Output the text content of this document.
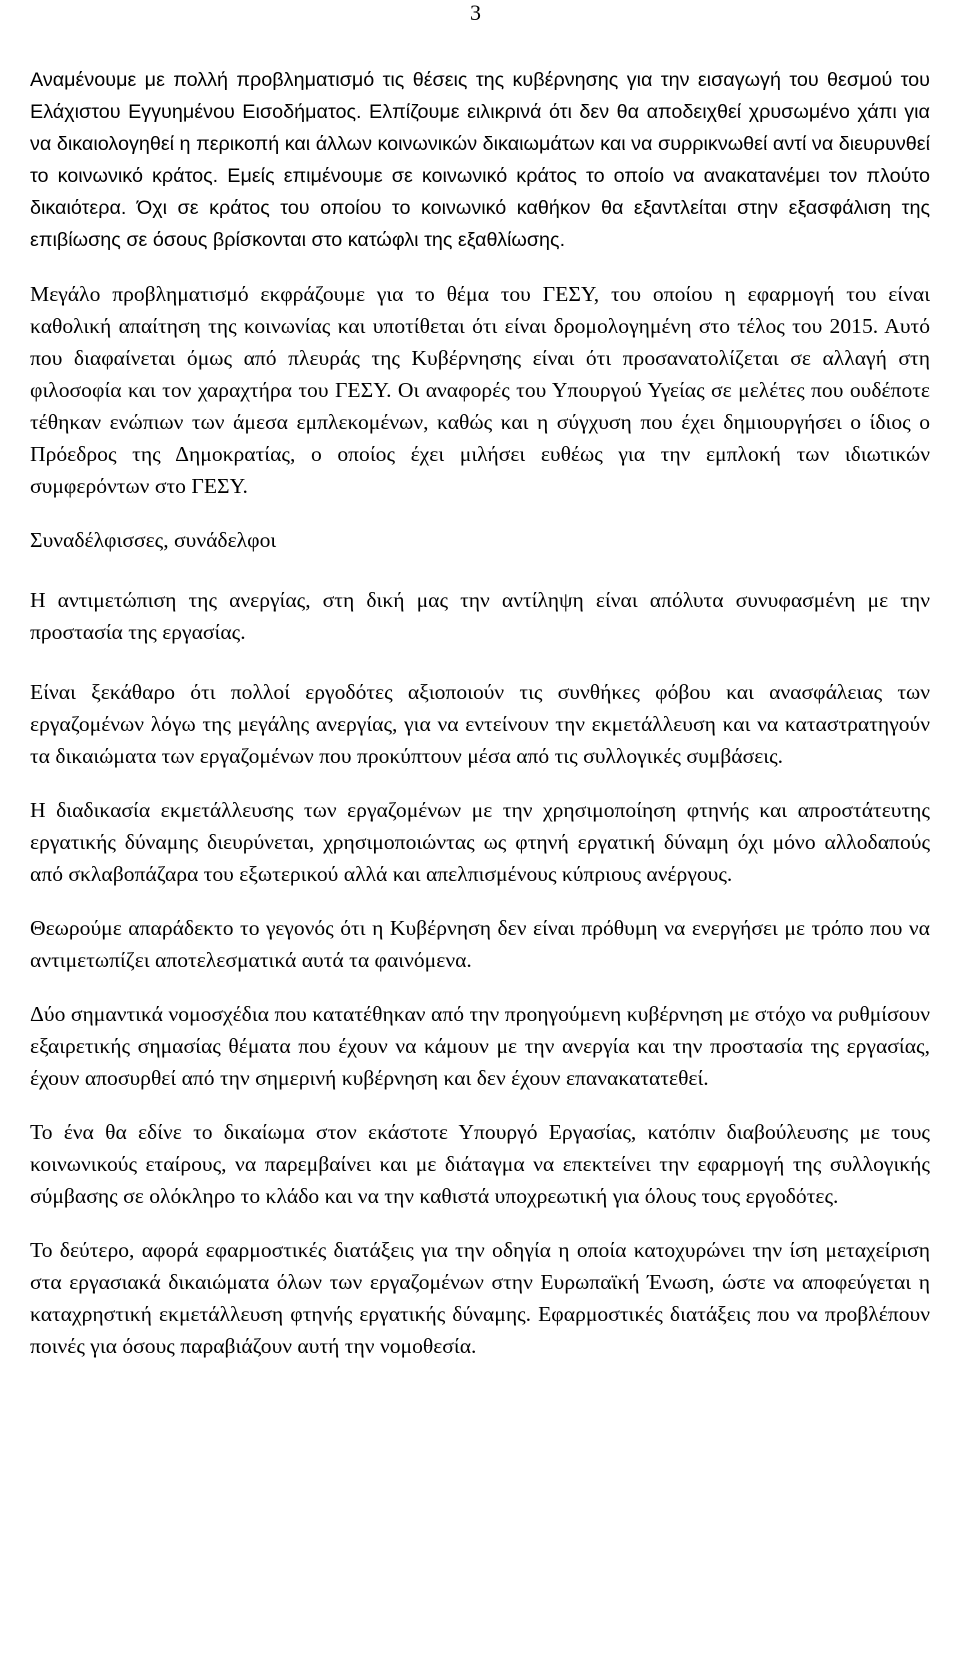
3

Αναμένουμε με πολλή προβληματισμό τις θέσεις της κυβέρνησης για την εισαγωγή του θεσμού του Ελάχιστου Εγγυημένου Εισοδήματος. Ελπίζουμε ειλικρινά ότι δεν θα αποδειχθεί χρυσωμένο χάπι για να δικαιολογηθεί η περικοπή και άλλων κοινωνικών δικαιωμάτων και να συρρικνωθεί αντί να διευρυνθεί το κοινωνικό κράτος. Εμείς επιμένουμε σε κοινωνικό κράτος το οποίο να ανακατανέμει τον πλούτο δικαιότερα. Όχι σε κράτος του οποίου το κοινωνικό καθήκον θα εξαντλείται στην εξασφάλιση της επιβίωσης σε όσους βρίσκονται στο κατώφλι της εξαθλίωσης.

Μεγάλο προβληματισμό εκφράζουμε για το θέμα του ΓΕΣΥ, του οποίου η εφαρμογή του είναι καθολική απαίτηση της κοινωνίας και υποτίθεται ότι είναι δρομολογημένη στο τέλος του 2015. Αυτό που διαφαίνεται όμως από πλευράς της Κυβέρνησης είναι ότι προσανατολίζεται σε αλλαγή στη φιλοσοφία και τον χαραχτήρα του ΓΕΣΥ. Οι αναφορές του Υπουργού Υγείας σε μελέτες που ουδέποτε τέθηκαν ενώπιων των άμεσα εμπλεκομένων, καθώς και η σύγχυση που έχει δημιουργήσει ο ίδιος ο Πρόεδρος της Δημοκρατίας, ο οποίος έχει μιλήσει ευθέως για την εμπλοκή των ιδιωτικών συμφερόντων στο ΓΕΣΥ.

Συναδέλφισσες, συνάδελφοι

Η αντιμετώπιση της ανεργίας, στη δική μας την αντίληψη είναι απόλυτα συνυφασμένη με την προστασία της εργασίας.

Είναι ξεκάθαρο ότι πολλοί εργοδότες αξιοποιούν τις συνθήκες φόβου και ανασφάλειας των εργαζομένων λόγω της μεγάλης ανεργίας, για να εντείνουν την εκμετάλλευση και να καταστρατηγούν τα δικαιώματα των εργαζομένων που προκύπτουν μέσα από τις συλλογικές συμβάσεις.

Η διαδικασία εκμετάλλευσης των εργαζομένων με την χρησιμοποίηση φτηνής και απροστάτευτης εργατικής δύναμης διευρύνεται, χρησιμοποιώντας ως φτηνή εργατική δύναμη όχι μόνο αλλοδαπούς από σκλαβοπάζαρα του εξωτερικού αλλά και απελπισμένους κύπριους ανέργους.

Θεωρούμε απαράδεκτο το γεγονός ότι η Κυβέρνηση δεν είναι πρόθυμη να ενεργήσει με τρόπο που να αντιμετωπίζει αποτελεσματικά αυτά τα φαινόμενα.

Δύο σημαντικά νομοσχέδια που κατατέθηκαν από την προηγούμενη κυβέρνηση με στόχο να ρυθμίσουν εξαιρετικής σημασίας θέματα που έχουν να κάμουν με την ανεργία και την προστασία της εργασίας, έχουν αποσυρθεί από την σημερινή κυβέρνηση και δεν έχουν επανακατατεθεί.

Το ένα θα εδίνε το δικαίωμα στον εκάστοτε Υπουργό Εργασίας, κατόπιν διαβούλευσης με τους κοινωνικούς εταίρους, να παρεμβαίνει και με διάταγμα να επεκτείνει την εφαρμογή της συλλογικής σύμβασης σε ολόκληρο το κλάδο και να την καθιστά υποχρεωτική για όλους τους εργοδότες.

Το δεύτερο, αφορά εφαρμοστικές διατάξεις για την οδηγία η οποία κατοχυρώνει την ίση μεταχείριση στα εργασιακά δικαιώματα όλων των εργαζομένων στην Ευρωπαϊκή Ένωση, ώστε να αποφεύγεται η καταχρηστική εκμετάλλευση φτηνής εργατικής δύναμης. Εφαρμοστικές διατάξεις που να προβλέπουν ποινές για όσους παραβιάζουν αυτή την νομοθεσία.
